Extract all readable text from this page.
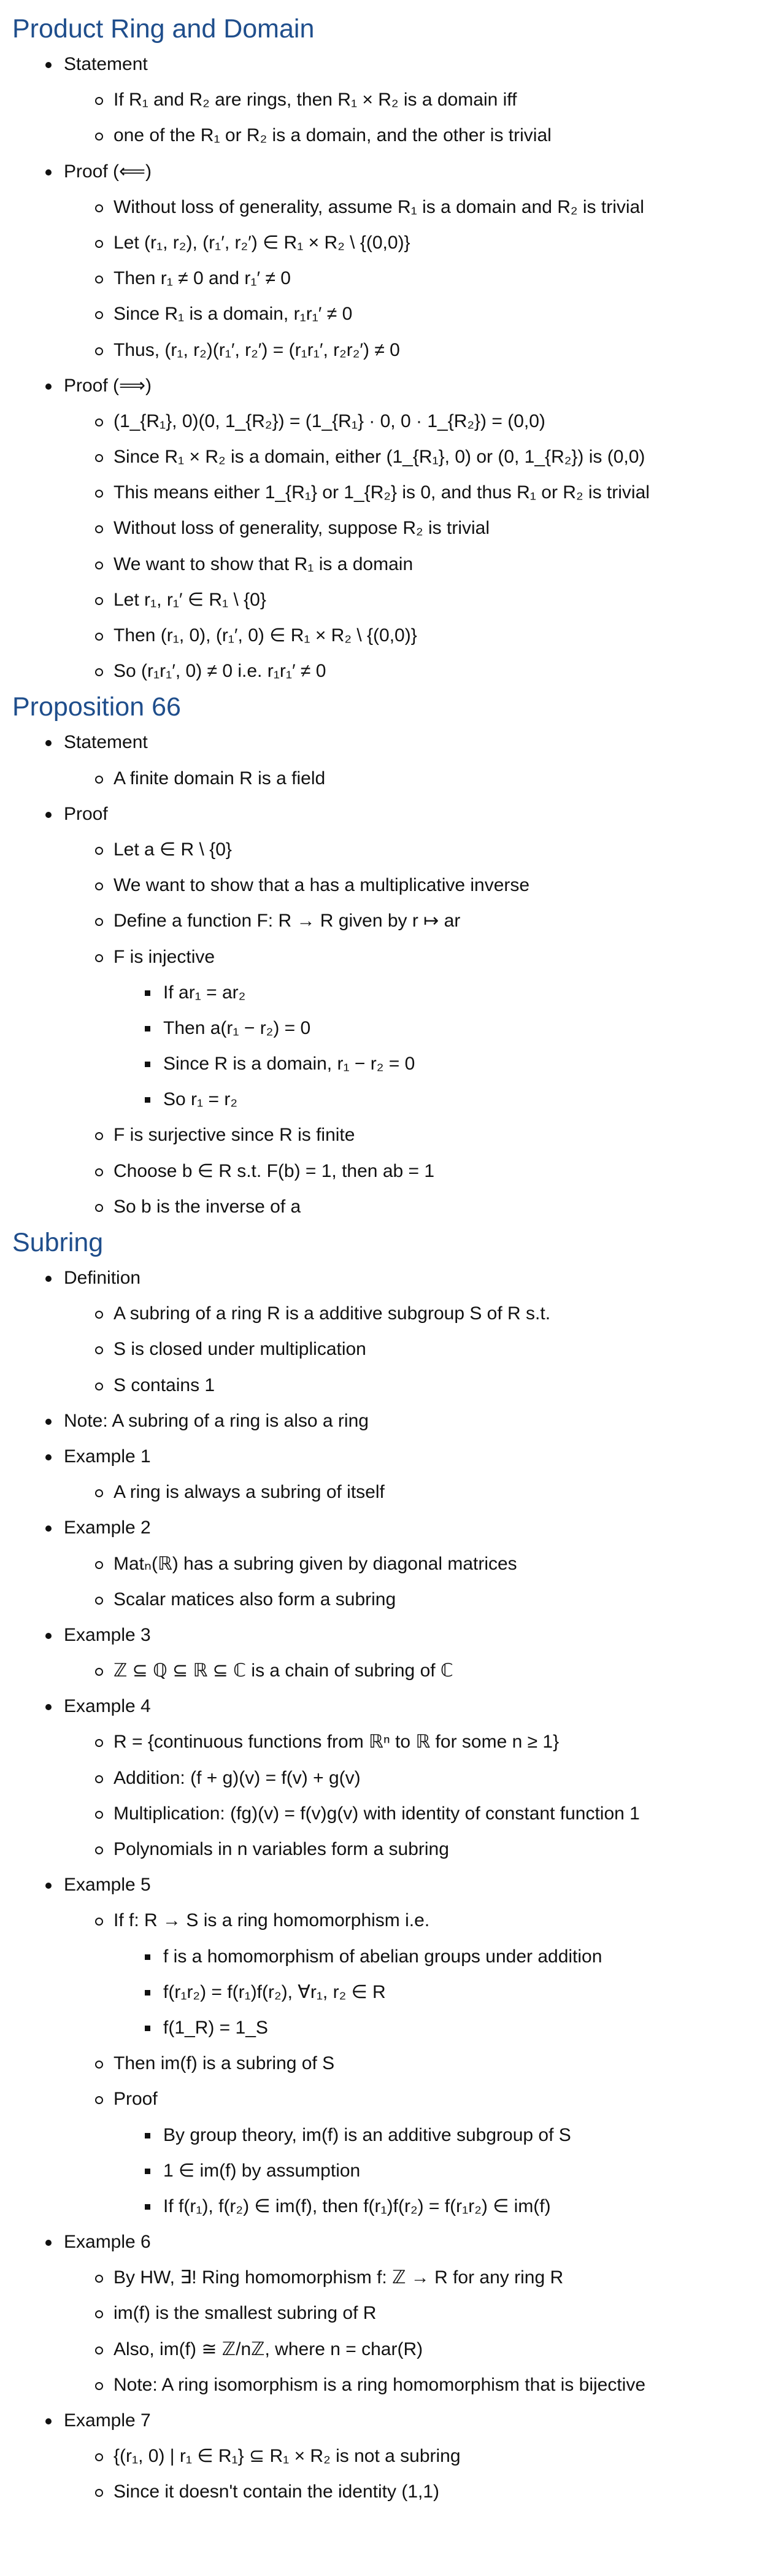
Product Ring and Domain
Statement
If R₁ and R₂ are rings, then R₁ × R₂ is a domain iff
one of the R₁ or R₂ is a domain, and the other is trivial
Proof (⟸)
Without loss of generality, assume R₁ is a domain and R₂ is trivial
Let (r₁, r₂), (r₁′, r₂′) ∈ R₁ × R₂ \ {(0,0)}
Then r₁ ≠ 0 and r₁′ ≠ 0
Since R₁ is a domain, r₁r₁′ ≠ 0
Thus, (r₁, r₂)(r₁′, r₂′) = (r₁r₁′, r₂r₂′) ≠ 0
Proof (⟹)
(1_{R₁}, 0)(0, 1_{R₂}) = (1_{R₁} · 0, 0 · 1_{R₂}) = (0,0)
Since R₁ × R₂ is a domain, either (1_{R₁}, 0) or (0, 1_{R₂}) is (0,0)
This means either 1_{R₁} or 1_{R₂} is 0, and thus R₁ or R₂ is trivial
Without loss of generality, suppose R₂ is trivial
We want to show that R₁ is a domain
Let r₁, r₁′ ∈ R₁ \ {0}
Then (r₁, 0), (r₁′, 0) ∈ R₁ × R₂ \ {(0,0)}
So (r₁r₁′, 0) ≠ 0 i.e. r₁r₁′ ≠ 0
Proposition 66
Statement
A finite domain R is a field
Proof
Let a ∈ R \ {0}
We want to show that a has a multiplicative inverse
Define a function F: R → R given by r ↦ ar
F is injective
If ar₁ = ar₂
Then a(r₁ − r₂) = 0
Since R is a domain, r₁ − r₂ = 0
So r₁ = r₂
F is surjective since R is finite
Choose b ∈ R s.t. F(b) = 1, then ab = 1
So b is the inverse of a
Subring
Definition
A subring of a ring R is a additive subgroup S of R s.t.
S is closed under multiplication
S contains 1
Note: A subring of a ring is also a ring
Example 1
A ring is always a subring of itself
Example 2
Matₙ(ℝ) has a subring given by diagonal matrices
Scalar matices also form a subring
Example 3
ℤ ⊆ ℚ ⊆ ℝ ⊆ ℂ is a chain of subring of ℂ
Example 4
R = {continuous functions from ℝⁿ to ℝ for some n ≥ 1}
Addition: (f + g)(v) = f(v) + g(v)
Multiplication: (fg)(v) = f(v)g(v) with identity of constant function 1
Polynomials in n variables form a subring
Example 5
If f: R → S is a ring homomorphism i.e.
f is a homomorphism of abelian groups under addition
f(r₁r₂) = f(r₁)f(r₂), ∀r₁, r₂ ∈ R
f(1_R) = 1_S
Then im(f) is a subring of S
Proof
By group theory, im(f) is an additive subgroup of S
1 ∈ im(f) by assumption
If f(r₁), f(r₂) ∈ im(f), then f(r₁)f(r₂) = f(r₁r₂) ∈ im(f)
Example 6
By HW, ∃! Ring homomorphism f: ℤ → R for any ring R
im(f) is the smallest subring of R
Also, im(f) ≅ ℤ/nℤ, where n = char(R)
Note: A ring isomorphism is a ring homomorphism that is bijective
Example 7
{(r₁, 0) | r₁ ∈ R₁} ⊆ R₁ × R₂ is not a subring
Since it doesn't contain the identity (1,1)
